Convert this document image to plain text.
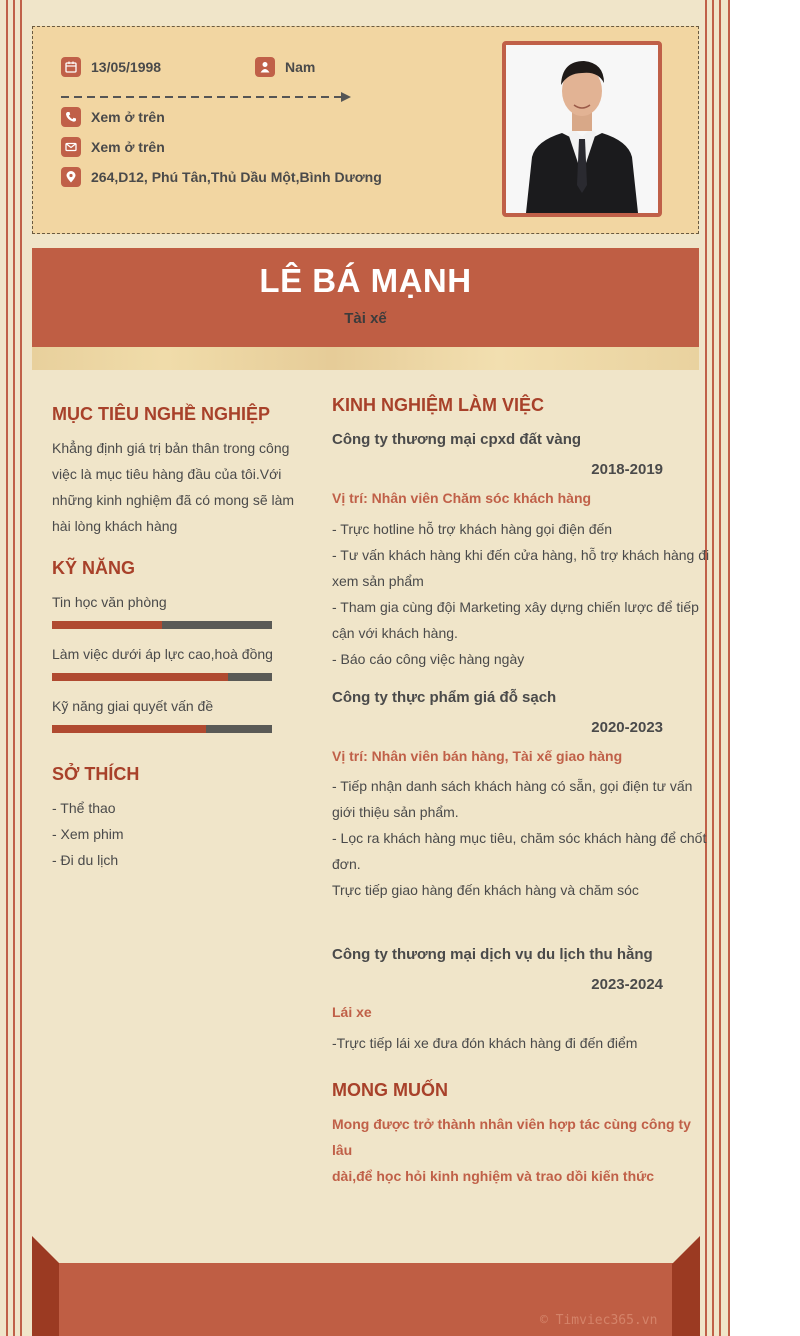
13/05/1998	Nam
Xem ở trên
Xem ở trên
264,D12, Phú Tân,Thủ Dầu Một,Bình Dương
LÊ BÁ MẠNH
Tài xế
MỤC TIÊU NGHỀ NGHIỆP
Khẳng định giá trị bản thân trong công
việc là mục tiêu hàng đầu của tôi.Với
những kinh nghiệm đã có mong sẽ làm
hài lòng khách hàng
KỸ NĂNG
Tin học văn phòng
Làm việc dưới áp lực cao,hoà đồng
Kỹ năng giai quyết vấn đề
SỞ THÍCH
- Thể thao
- Xem phim
- Đi du lịch
KINH NGHIỆM LÀM VIỆC
Công ty thương mại cpxd đất vàng
2018-2019
Vị trí: Nhân viên Chăm sóc khách hàng
- Trực hotline hỗ trợ khách hàng gọi điện đến
- Tư vấn khách hàng khi đến cửa hàng, hỗ trợ khách hàng đi
xem sản phẩm
- Tham gia cùng đội Marketing xây dựng chiến lược để tiếp
cận với khách hàng.
- Báo cáo công việc hàng ngày
Công ty thực phẩm giá đỗ sạch
2020-2023
Vị trí: Nhân viên bán hàng, Tài xế giao hàng
- Tiếp nhận danh sách khách hàng có sẵn, gọi điện tư vấn
giới thiệu sản phẩm.
- Lọc ra khách hàng mục tiêu, chăm sóc khách hàng để chốt
đơn.
Trực tiếp giao hàng đến khách hàng và chăm sóc
Công ty thương mại dịch vụ du lịch thu hằng
2023-2024
Lái xe
-Trực tiếp lái xe đưa đón khách hàng đi đến điểm
MONG MUỐN
Mong được trở thành nhân viên hợp tác cùng công ty lâu
dài,để học hỏi kinh nghiệm và trao dồi kiến thức
© Timviec365.vn
